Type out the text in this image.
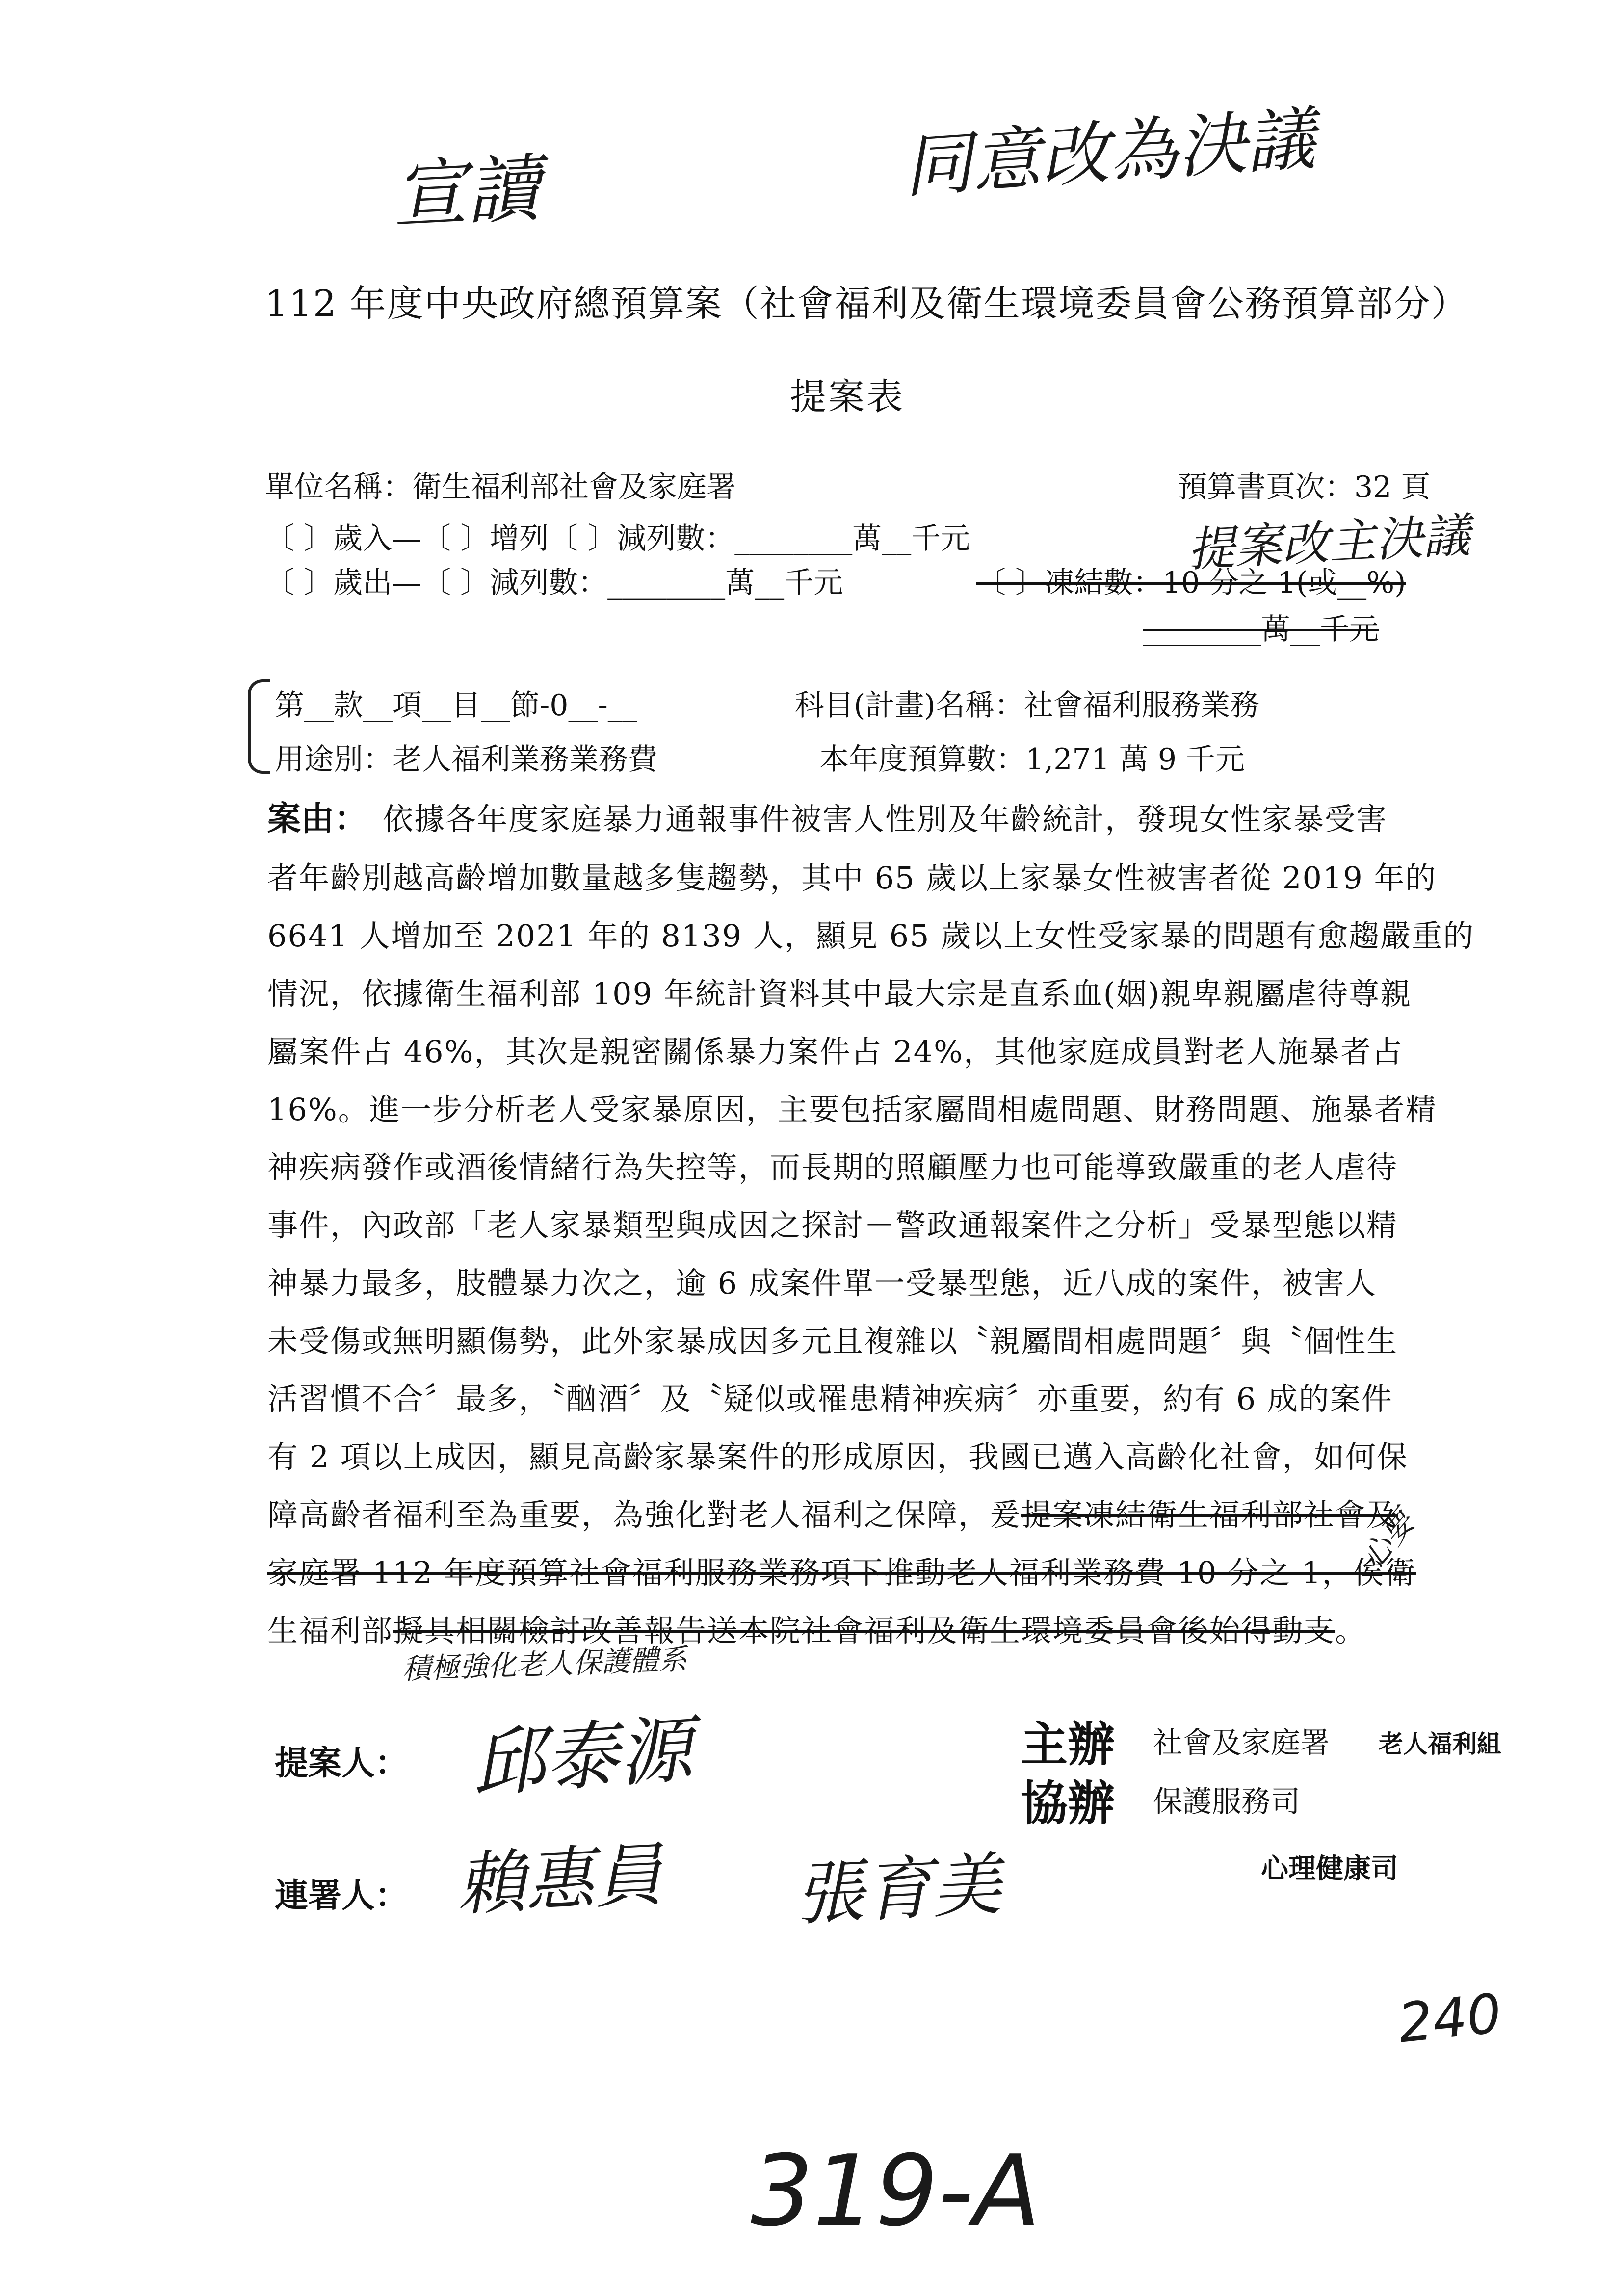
宣讀	同意改為決議
112 年度中央政府總預算案（社會福利及衛生環境委員會公務預算部分）
提案表
單位名稱：衛生福利部社會及家庭署	預算書頁次：32 頁
〔 〕歲入—〔 〕增列〔 〕減列數：________萬__千元	提案改主決議
〔 〕歲出—〔 〕減列數：________萬__千元	〔 〕凍結數：10 分之 1(或__%)
________萬__千元
第__款__項__目__節-0__-__	科目(計畫)名稱：社會福利服務業務
用途別：老人福利業務業務費	本年度預算數：1,271 萬 9 千元
案由： 依據各年度家庭暴力通報事件被害人性別及年齡統計，發現女性家暴受害
者年齡別越高齡增加數量越多隻趨勢，其中 65 歲以上家暴女性被害者從 2019 年的
6641 人增加至 2021 年的 8139 人，顯見 65 歲以上女性受家暴的問題有愈趨嚴重的
情況，依據衛生福利部 109 年統計資料其中最大宗是直系血(姻)親卑親屬虐待尊親
屬案件占 46%，其次是親密關係暴力案件占 24%，其他家庭成員對老人施暴者占
16%。進一步分析老人受家暴原因，主要包括家屬間相處問題、財務問題、施暴者精
神疾病發作或酒後情緒行為失控等，而長期的照顧壓力也可能導致嚴重的老人虐待
事件，內政部「老人家暴類型與成因之探討－警政通報案件之分析」受暴型態以精
神暴力最多，肢體暴力次之，逾 6 成案件單一受暴型態，近八成的案件，被害人
未受傷或無明顯傷勢，此外家暴成因多元且複雜以〝親屬間相處問題〞與〝個性生
活習慣不合〞最多，〝酗酒〞及〝疑似或罹患精神疾病〞亦重要，約有 6 成的案件
有 2 項以上成因，顯見高齡家暴案件的形成原因，我國已邁入高齡化社會，如何保
障高齡者福利至為重要，為強化對老人福利之保障，爰提案凍結衛生福利部社會及
家庭署 112 年度預算社會福利服務業務項下推動老人福利業務費 10 分之 1，俟衛
心要
生福利部擬具相關檢討改善報告送本院社會福利及衛生環境委員會後始得動支。
積極強化老人保護體系
提案人： 邱泰源	主辦 社會及家庭署 老人福利組
協辦 保護服務司
心理健康司
連署人： 賴惠員 張育美
240
319-A
